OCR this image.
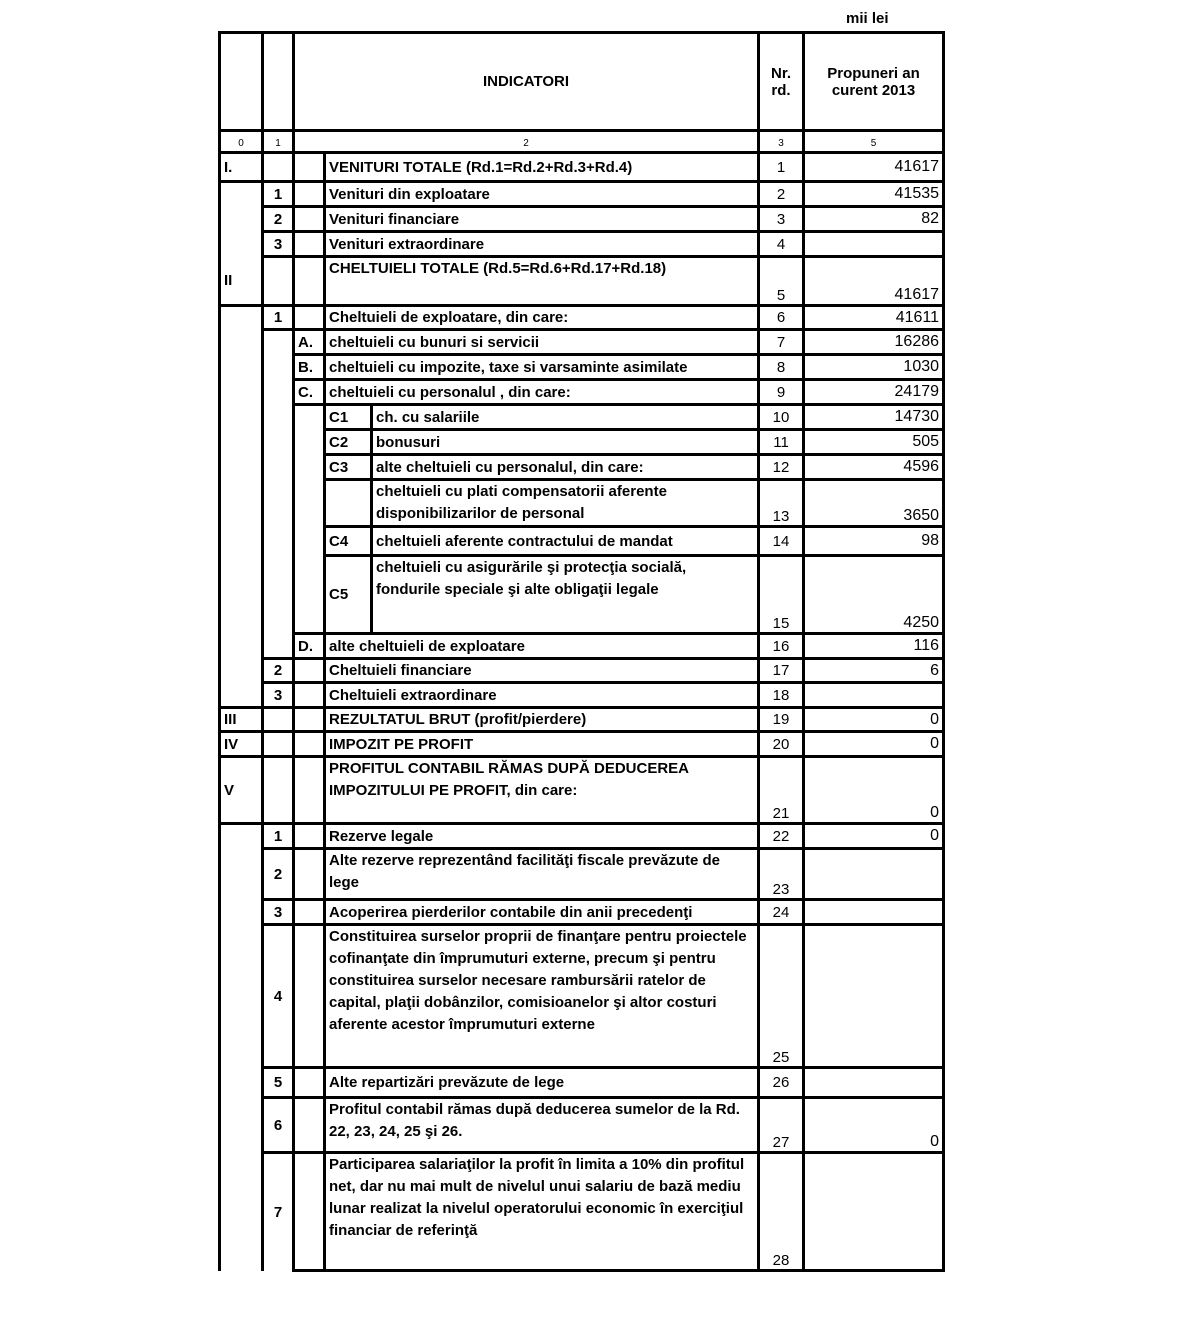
mii lei
		INDICATORI			Nr. rd.	Propuneri an curent 2013

0	1	2			3	5
I.			VENITURI TOTALE (Rd.1=Rd.2+Rd.3+Rd.4)		1	41617
	1		Venituri din exploatare		2	41535
	2		Venituri financiare		3	82
	3		Venituri extraordinare		4	
II			CHELTUIELI TOTALE (Rd.5=Rd.6+Rd.17+Rd.18)		5	41617
	1		Cheltuieli de exploatare, din care:		6	41611
		A.	cheltuieli cu bunuri si servicii		7	16286
		B.	cheltuieli cu impozite, taxe si varsaminte asimilate		8	1030
		C.	cheltuieli cu personalul , din care:		9	24179
			C1	ch. cu salariile	10	14730
			C2	bonusuri	11	505
			C3	alte cheltuieli cu personalul, din care:	12	4596
				cheltuieli cu plati compensatorii aferente disponibilizarilor de personal	13	3650
			C4	cheltuieli aferente contractului de mandat	14	98
			C5	cheltuieli cu asigurările şi protecţia socială, fondurile speciale şi alte obligaţii legale	15	4250
		D.	alte cheltuieli de exploatare		16	116
	2		Cheltuieli financiare		17	6
	3		Cheltuieli extraordinare		18	
III			REZULTATUL BRUT (profit/pierdere)		19	0
IV			IMPOZIT PE PROFIT		20	0
V			PROFITUL CONTABIL RĂMAS DUPĂ DEDUCEREA IMPOZITULUI PE PROFIT, din care:		21	0
	1		Rezerve legale		22	0
	2		Alte rezerve reprezentând facilităţi fiscale prevăzute de lege		23	
	3		Acoperirea pierderilor contabile din anii precedenţi		24	
	4		Constituirea surselor proprii de finanţare pentru proiectele cofinanţate din împrumuturi externe, precum şi pentru constituirea surselor necesare rambursării ratelor de capital, plaţii dobânzilor, comisioanelor şi altor costuri aferente acestor împrumuturi externe		25	
	5		Alte repartizări prevăzute de lege		26	
	6		Profitul contabil rămas după deducerea sumelor de la Rd. 22, 23, 24, 25 şi 26.		27	0
	7		Participarea salariaţilor la profit în limita a 10% din profitul net, dar nu mai mult de nivelul unui salariu de bază mediu lunar realizat la nivelul operatorului economic în exerciţiul financiar de referinţă		28	
